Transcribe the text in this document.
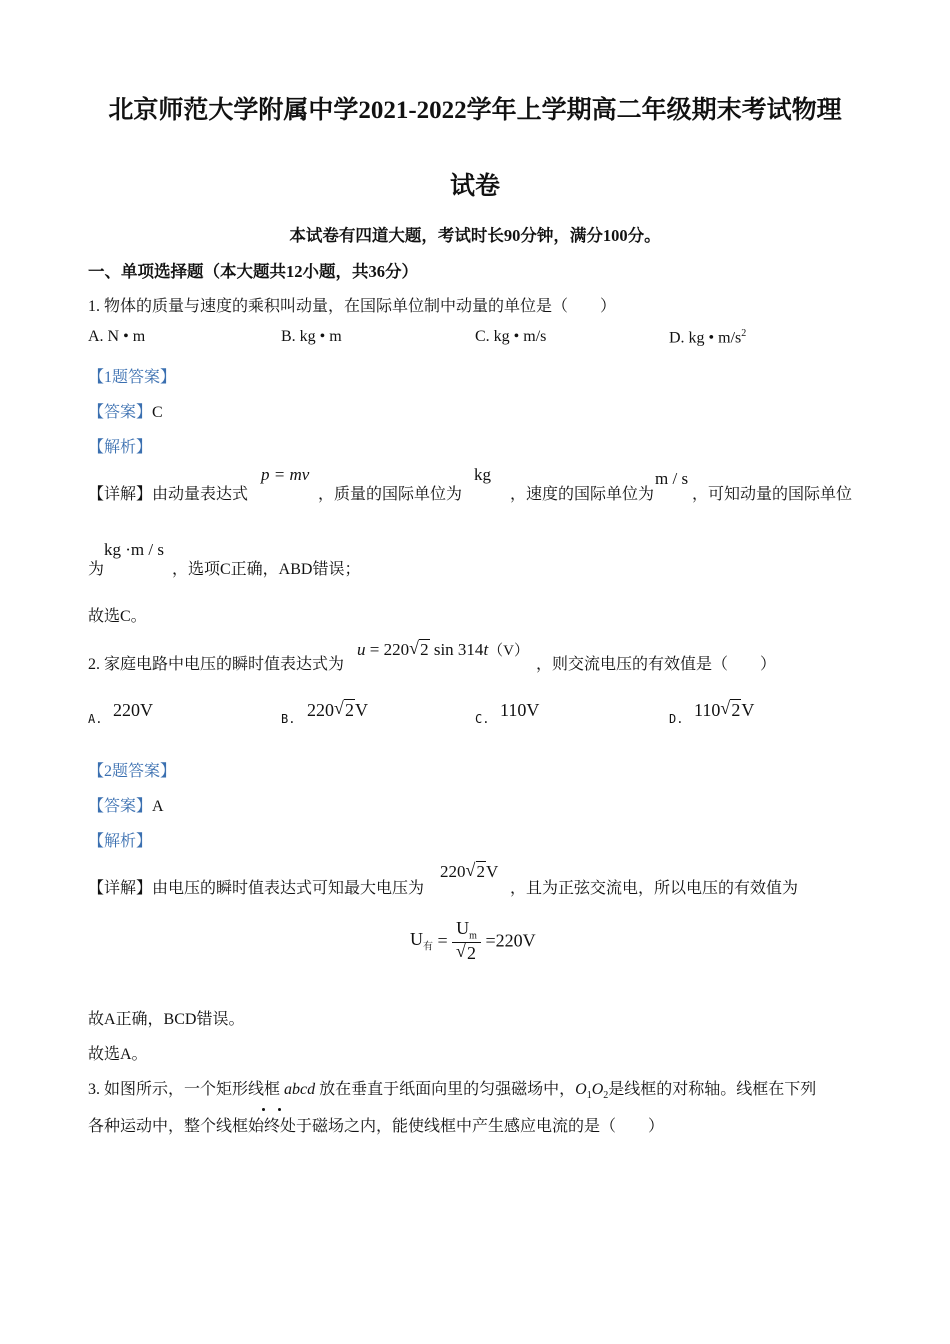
北京师范大学附属中学2021-2022学年上学期高二年级期末考试物理
试卷
本试卷有四道大题，考试时长90分钟，满分100分。
一、单项选择题（本大题共12小题，共36分）
1. 物体的质量与速度的乘积叫动量，在国际单位制中动量的单位是（　　）
A. N • m	B. kg • m	C. kg • m/s	D. kg • $m/s^2$
【1题答案】
【答案】C
【解析】
【详解】由动量表达式
p = mv
，质量的国际单位为
kg
，速度的国际单位为
m / s
，可知动量的国际单位
为
kg ·m / s
，选项C正确，ABD错误；
故选C。
2. 家庭电路中电压的瞬时值表达式为
u = 220 √ 2 sin 314t（V）
，则交流电压的有效值是（　　）
A. 220V	B. 220 √ 2V	C. 110V	D. 110 √ 2V
【2题答案】
【答案】A
【解析】
【详解】由电压的瞬时值表达式可知最大电压为
220 √ 2V
，且为正弦交流电，所以电压的有效值为
$U_有 = \frac{U_m}{√ 2} =220V$
故A正确，BCD错误。
故选A。
3. 如图所示，一个矩形线框 abcd 放在垂直于纸面向里的匀强磁场中，$O_1O_2$是线框的对称轴。线框在下列
各种运动中，整个线框始终处于磁场之内，能使线框中产生感应电流的是（　　）
